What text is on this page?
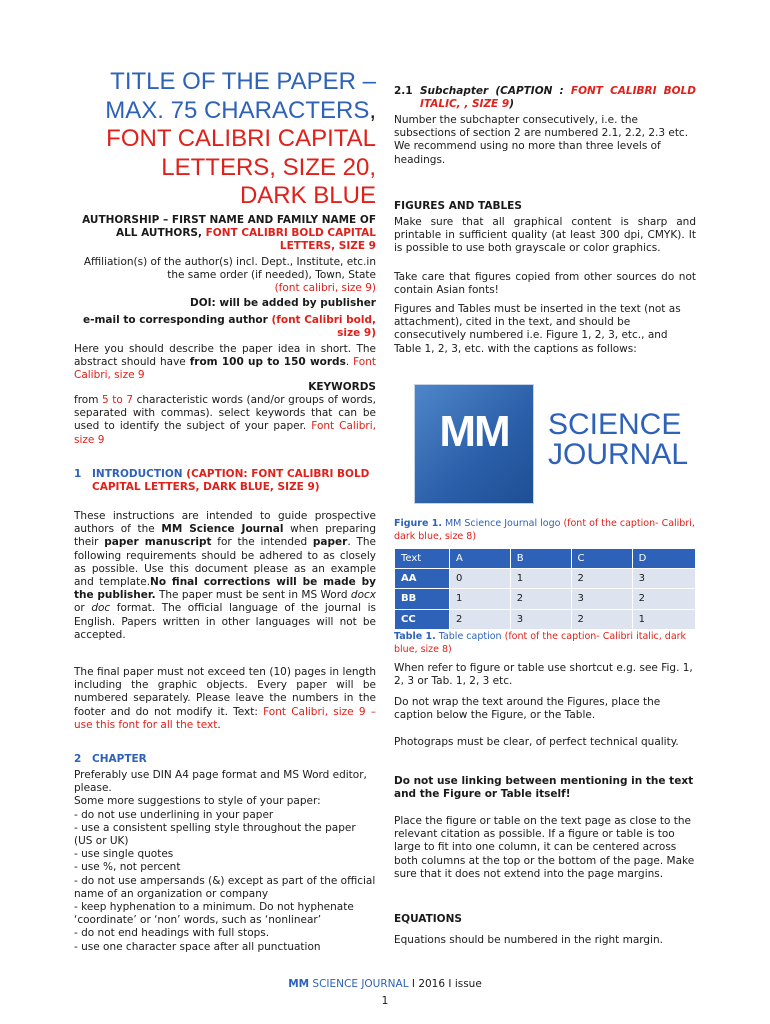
TITLE OF THE PAPER –
MAX. 75 CHARACTERS,
FONT CALIBRI CAPITAL
LETTERS, SIZE 20,
DARK BLUE

AUTHORSHIP – FIRST NAME AND FAMILY NAME OF ALL AUTHORS, FONT CALIBRI BOLD CAPITAL LETTERS, SIZE 9

Affiliation(s) of the author(s) incl. Dept., Institute, etc.in the same order (if needed), Town, State

(font calibri, size 9)

DOI: will be added by publisher
e-mail to corresponding author (font Calibri bold, size 9)
Here you should describe the paper idea in short. The abstract should have from 100 up to 150 words. Font Calibri, size 9
KEYWORDS
from 5 to 7 characteristic words (and/or groups of words, separated with commas). select keywords that can be used to identify the subject of your paper. Font Calibri, size 9
1	INTRODUCTION (CAPTION: FONT CALIBRI BOLD CAPITAL LETTERS, DARK BLUE, SIZE 9)
These instructions are intended to guide prospective authors of the MM Science Journal when preparing their paper manuscript for the intended paper. The following requirements should be adhered to as closely as possible. Use this document please as an example and template.No final corrections will be made by the publisher. The paper must be sent in MS Word docx or doc format. The official language of the journal is English. Papers written in other languages will not be accepted.
The final paper must not exceed ten (10) pages in length including the graphic objects. Every paper will be numbered separately. Please leave the numbers in the footer and do not modify it. Text: Font Calibri, size 9 – use this font for all the text.
2	CHAPTER

Preferably use DIN A4 page format and MS Word editor, please.

Some more suggestions to style of your paper:

- do not use underlining in your paper

- use a consistent spelling style throughout the paper (US or UK)

- use single quotes

- use %, not percent

- do not use ampersands (&) except as part of the official name of an organization or company

- keep hyphenation to a minimum. Do not hyphenate ‘coordinate’ or ‘non’ words, such as ‘nonlinear’

- do not end headings with full stops.

- use one character space after all punctuation

2.1 Subchapter (CAPTION : FONT CALIBRI BOLD ITALIC, , SIZE 9)
Number the subchapter consecutively, i.e. the subsections of section 2 are numbered 2.1, 2.2, 2.3 etc. We recommend using no more than three levels of headings.
FIGURES AND TABLES
Make sure that all graphical content is sharp and printable in sufficient quality (at least 300 dpi, CMYK). It is possible to use both grayscale or color graphics.
Take care that figures copied from other sources do not contain Asian fonts!
Figures and Tables must be inserted in the text (not as attachment), cited in the text, and should be consecutively numbered i.e. Figure 1, 2, 3, etc., and Table 1, 2, 3, etc. with the captions as follows:
MM	SCIENCE
JOURNAL
Figure 1. MM Science Journal logo (font of the caption- Calibri, dark blue, size 8)
Text	A	B	C	D
AA	0	1	2	3
BB	1	2	3	2
CC	2	3	2	1
Table 1. Table caption (font of the caption- Calibri italic, dark blue, size 8)
When refer to figure or table use shortcut e.g. see Fig. 1, 2, 3 or Tab. 1, 2, 3 etc.
Do not wrap the text around the Figures, place the caption below the Figure, or the Table.
Photograps must be clear, of perfect technical quality.
Do not use linking between mentioning in the text and the Figure or Table itself!
Place the figure or table on the text page as close to the relevant citation as possible. If a figure or table is too large to fit into one column, it can be centered across both columns at the top or the bottom of the page. Make sure that it does not extend into the page margins.
EQUATIONS
Equations should be numbered in the right margin.
MM SCIENCE JOURNAL I 2016 I issue
1
